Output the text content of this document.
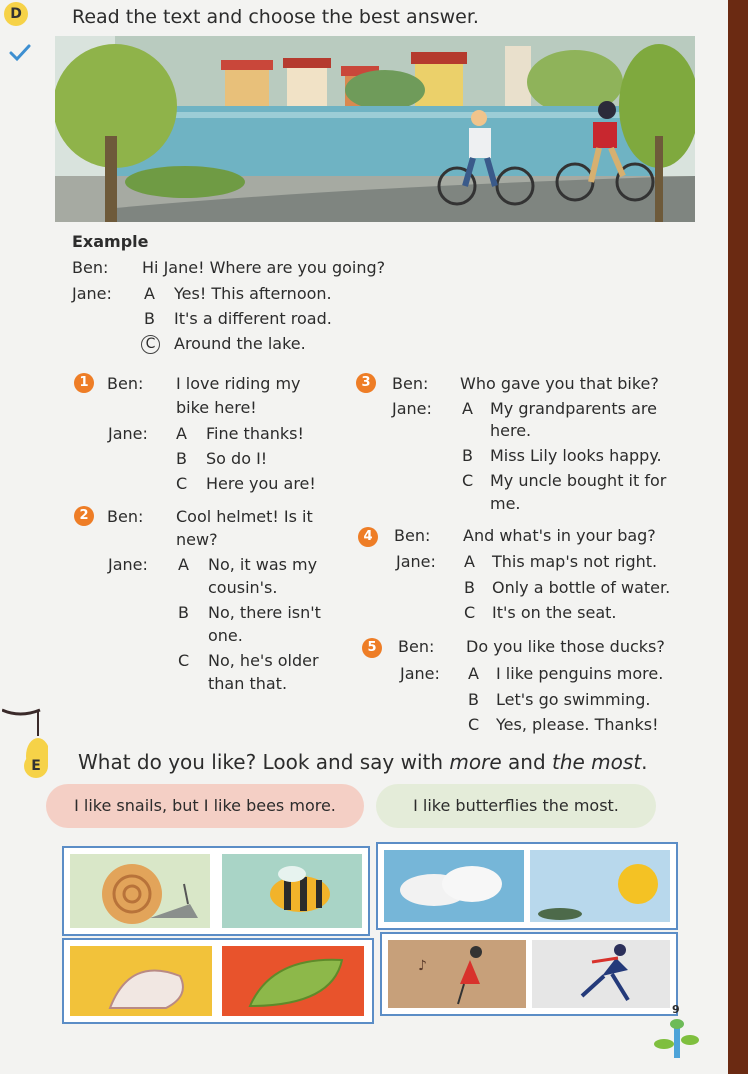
D	Read the text and choose the best answer.
Example
Ben: Hi Jane! Where are you going?
Jane: A Yes! This afternoon.
B It's a different road.
C Around the lake.
1	Ben: I love riding my
bike here!
Jane: A Fine thanks!
B So do I!
C Here you are!
2	Ben: Cool helmet! Is it
new?
Jane: A No, it was my
cousin's.
B No, there isn't
one.
C No, he's older
than that.
3	Ben: Who gave you that bike?
Jane: A My grandparents are
here.
B Miss Lily looks happy.
C My uncle bought it for
me.
4	Ben: And what's in your bag?
Jane: A This map's not right.
B Only a bottle of water.
C It's on the seat.
5	Ben: Do you like those ducks?
Jane: A I like penguins more.
B Let's go swimming.
C Yes, please. Thanks!
E	What do you like? Look and say with more and the most.
I like snails, but I like bees more.	I like butterflies the most.
♪
9
